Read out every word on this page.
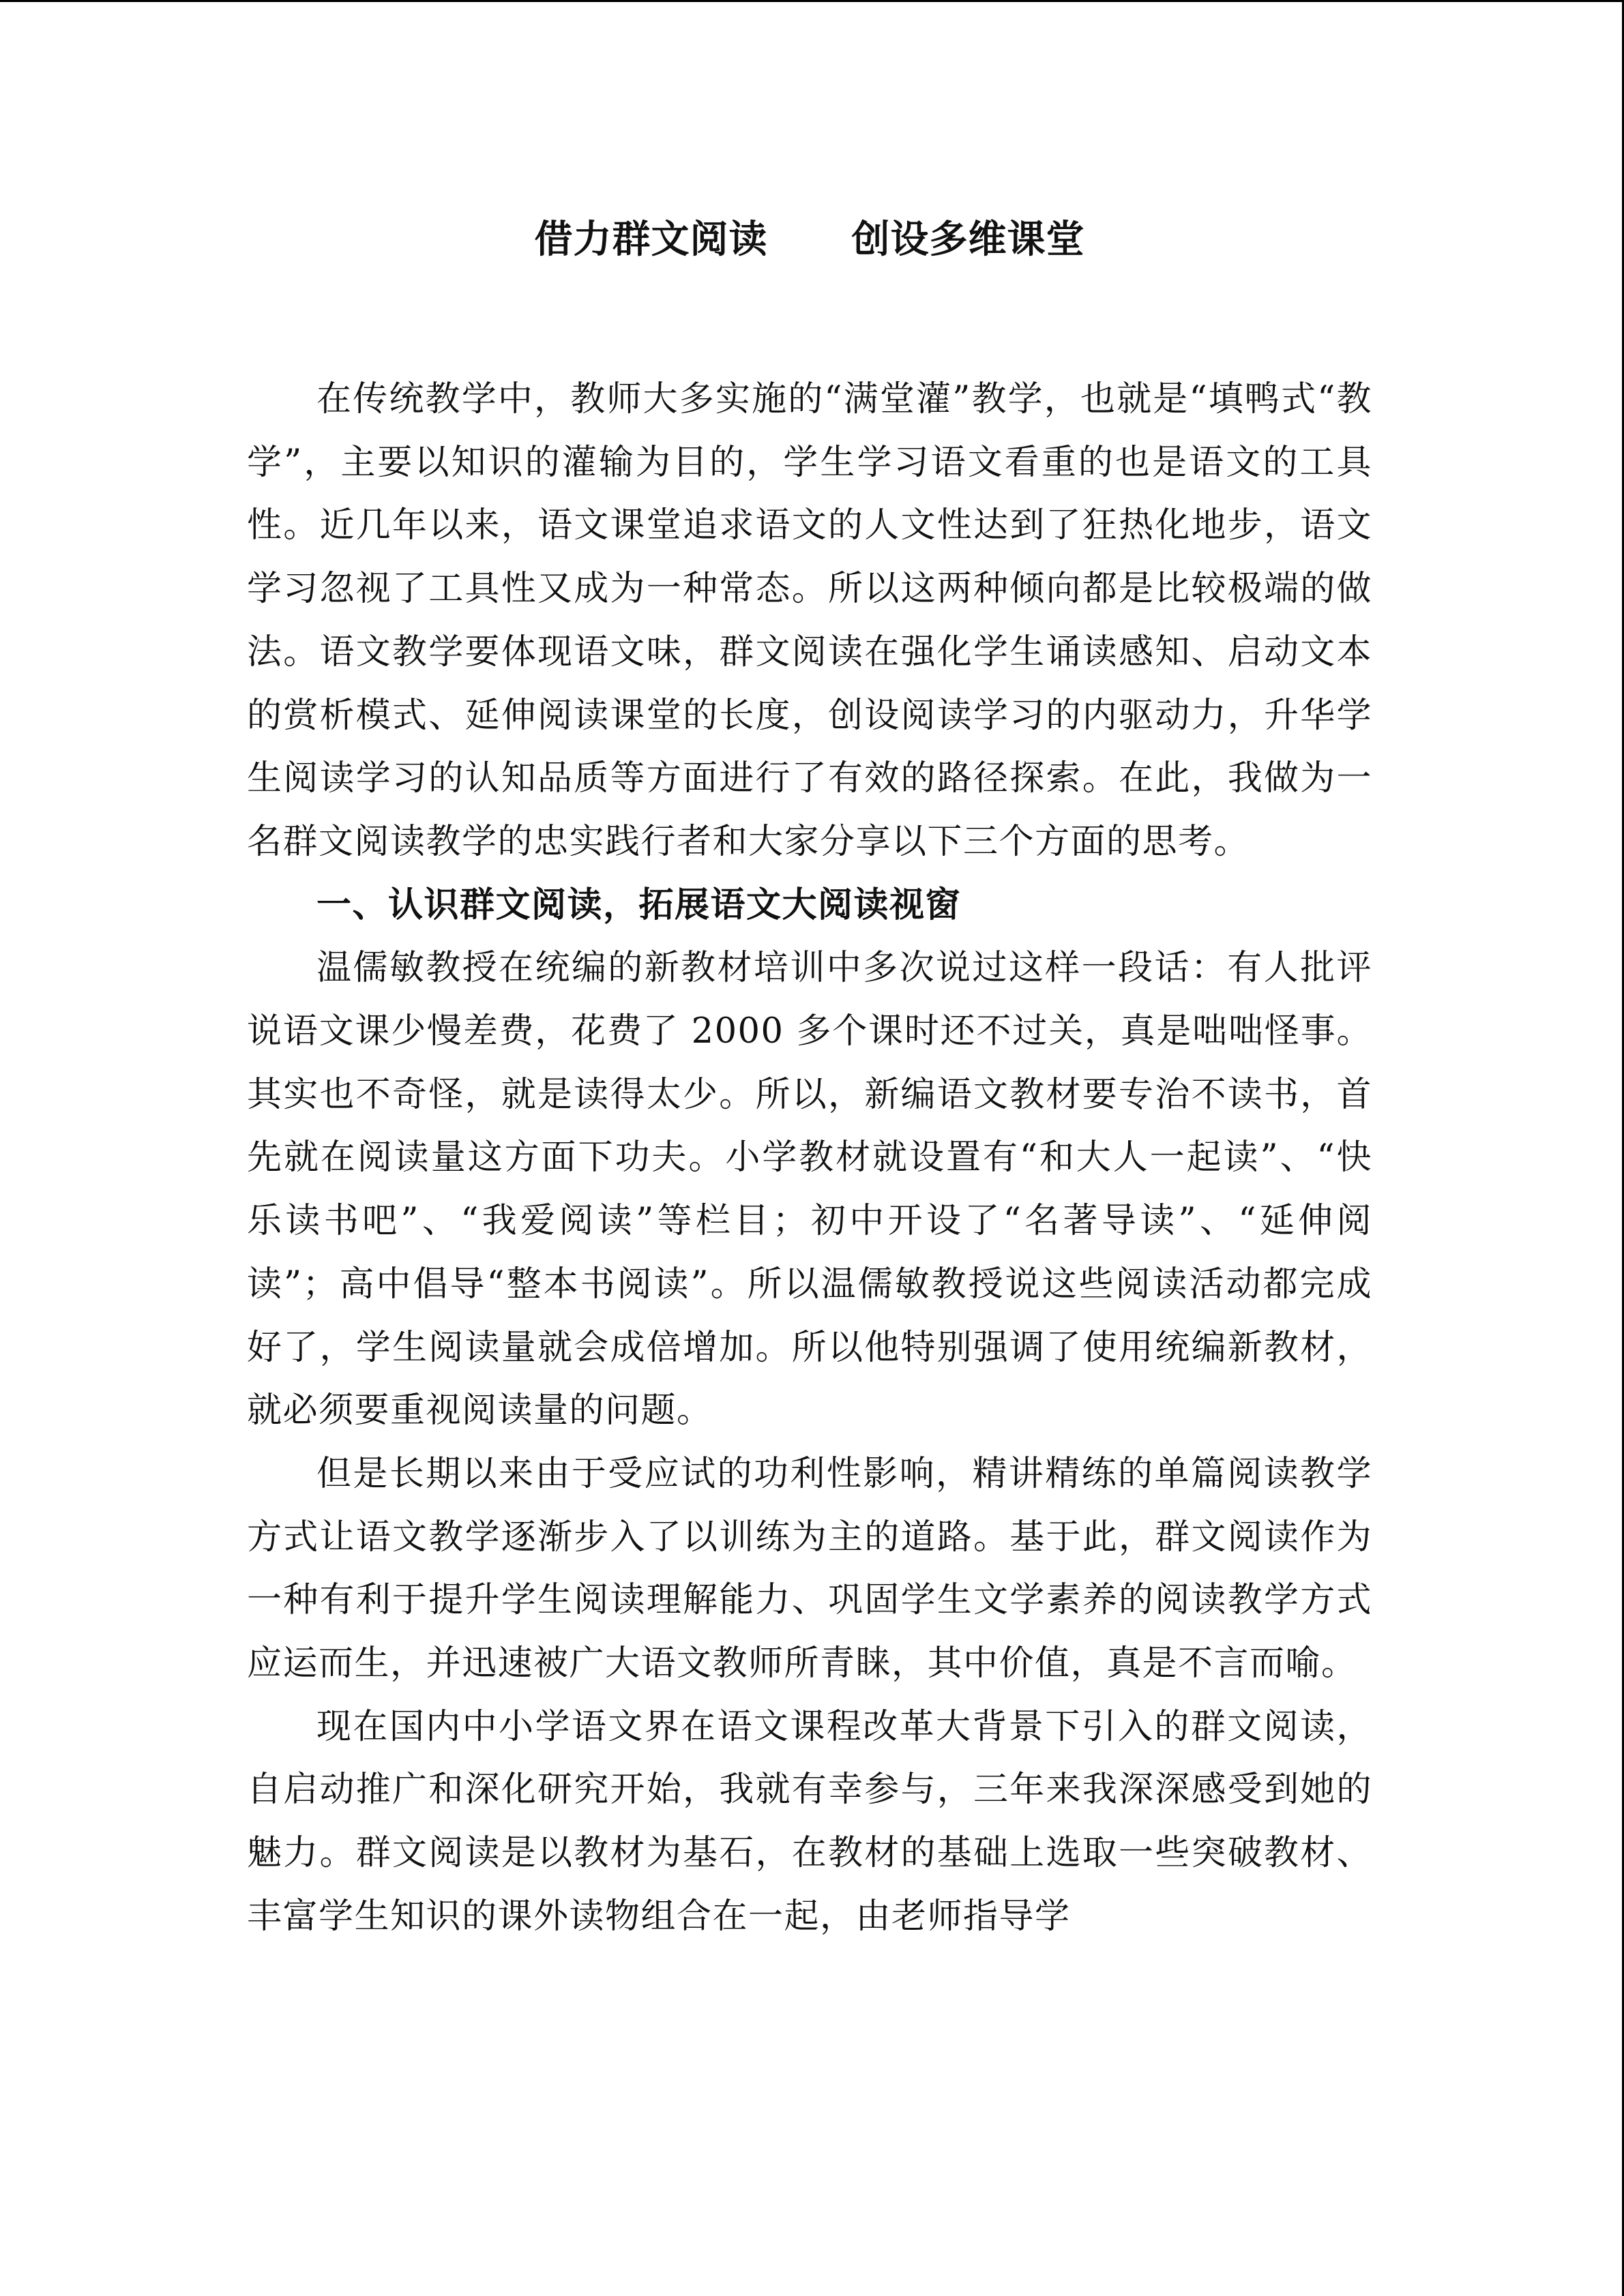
借力群文阅读      创设多维课堂

在传统教学中，教师大多实施的“满堂灌”教学，也就是“填鸭式“教学”，主要以知识的灌输为目的，学生学习语文看重的也是语文的工具性。近几年以来，语文课堂追求语文的人文性达到了狂热化地步，语文学习忽视了工具性又成为一种常态。所以这两种倾向都是比较极端的做法。语文教学要体现语文味，群文阅读在强化学生诵读感知、启动文本的赏析模式、延伸阅读课堂的长度，创设阅读学习的内驱动力，升华学生阅读学习的认知品质等方面进行了有效的路径探索。在此，我做为一名群文阅读教学的忠实践行者和大家分享以下三个方面的思考。

一、认识群文阅读，拓展语文大阅读视窗

温儒敏教授在统编的新教材培训中多次说过这样一段话：有人批评说语文课少慢差费，花费了 2000 多个课时还不过关，真是咄咄怪事。其实也不奇怪，就是读得太少。所以，新编语文教材要专治不读书，首先就在阅读量这方面下功夫。小学教材就设置有“和大人一起读”、“快乐读书吧”、“我爱阅读”等栏目；初中开设了“名著导读”、“延伸阅读”；高中倡导“整本书阅读”。所以温儒敏教授说这些阅读活动都完成好了，学生阅读量就会成倍增加。所以他特别强调了使用统编新教材，就必须要重视阅读量的问题。

但是长期以来由于受应试的功利性影响，精讲精练的单篇阅读教学方式让语文教学逐渐步入了以训练为主的道路。基于此，群文阅读作为一种有利于提升学生阅读理解能力、巩固学生文学素养的阅读教学方式应运而生，并迅速被广大语文教师所青睐，其中价值，真是不言而喻。

现在国内中小学语文界在语文课程改革大背景下引入的群文阅读，自启动推广和深化研究开始，我就有幸参与，三年来我深深感受到她的魅力。群文阅读是以教材为基石，在教材的基础上选取一些突破教材、丰富学生知识的课外读物组合在一起，由老师指导学
